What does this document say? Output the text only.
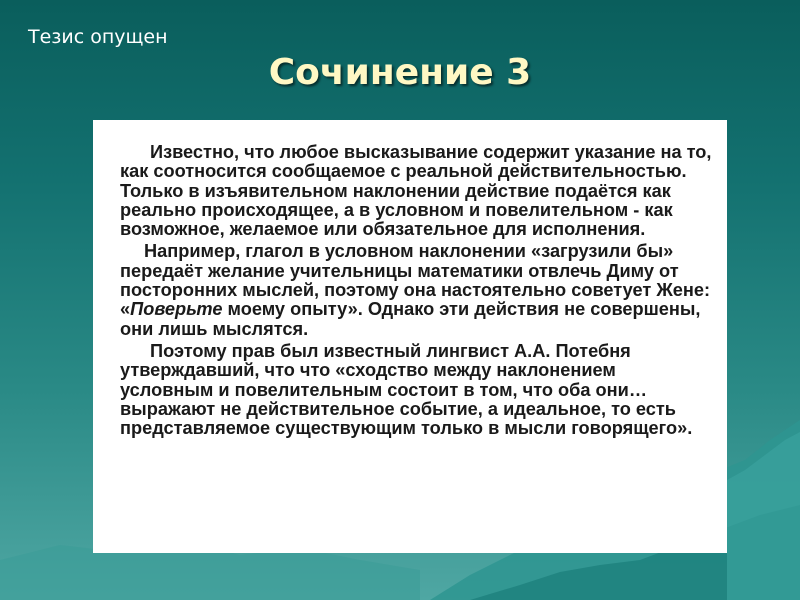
Тезис опущен
Сочинение 3

Известно, что любое высказывание содержит указание на то, как соотносится сообщаемое с реальной действительностью. Только в изъявительном наклонении действие подаётся как реально происходящее, а в условном и повелительном - как возможное, желаемое или обязательное для исполнения.

Например, глагол в условном наклонении «загрузили бы» передаёт желание учительницы математики отвлечь Диму от посторонних мыслей, поэтому она настоятельно советует Жене: «Поверьте моему опыту». Однако эти действия не совершены, они лишь мыслятся.

Поэтому прав был известный лингвист А.А. Потебня утверждавший, что что «сходство между наклонением условным и повелительным состоит в том, что оба они… выражают не действительное событие, а идеальное, то есть представляемое существующим только в мысли говорящего».
